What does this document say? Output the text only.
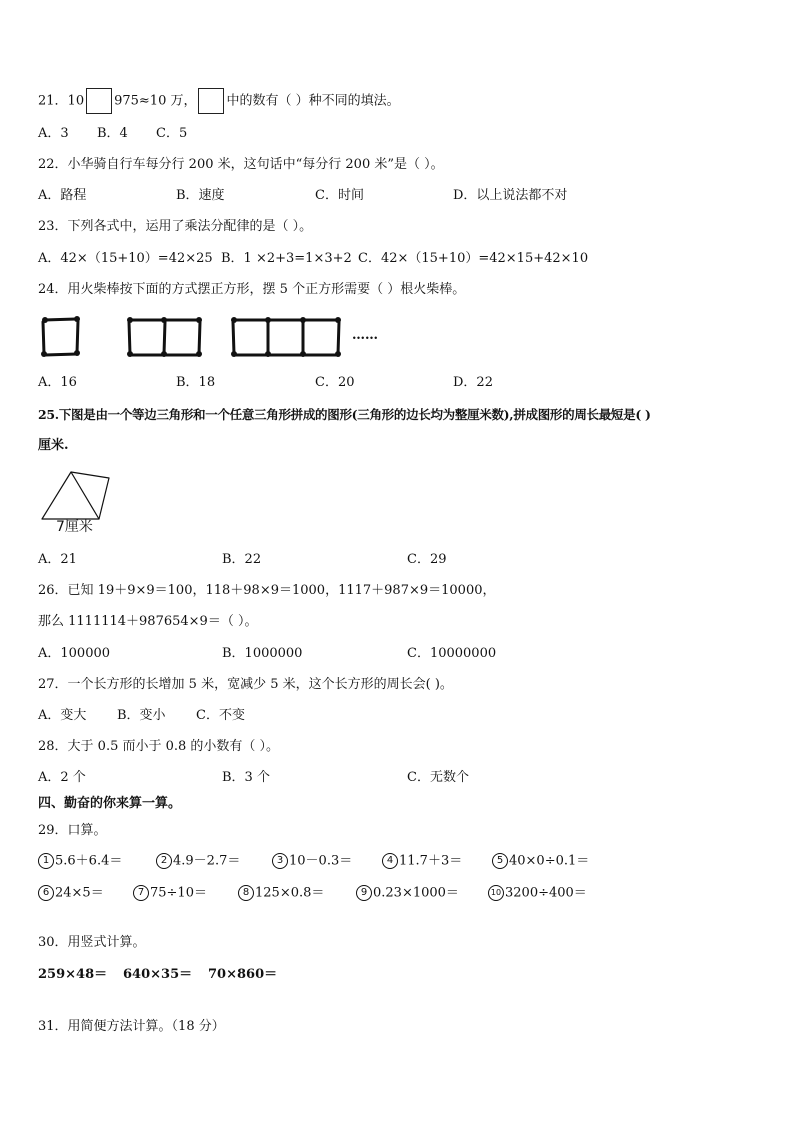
21．10 975≈10 万， 中的数有（ ）种不同的填法。
A．3 B．4 C．5
22．小华骑自行车每分行 200 米，这句话中“每分行 200 米”是（ ）。
A．路程	B．速度	C．时间	D．以上说法都不对
23．下列各式中，运用了乘法分配律的是（ ）。
A．42×（15+10）=42×25 B．1 ×2+3=1×3+2 C．42×（15+10）=42×15+42×10
24．用火柴棒按下面的方式摆正方形，摆 5 个正方形需要（ ）根火柴棒。
……
A．16	B．18	C．20	D．22
25.下图是由一个等边三角形和一个任意三角形拼成的图形(三角形的边长均为整厘米数),拼成图形的周长最短是( )
厘米.
7厘米
A．21	B．22	C．29
26．已知 19＋9×9＝100，118＋98×9＝1000，1117＋987×9＝10000，
那么 1111114＋987654×9＝（ ）。
A．100000	B．1000000	C．10000000
27．一个长方形的长增加 5 米，宽减少 5 米，这个长方形的周长会( )。
A．变大 B．变小 C．不变
28．大于 0.5 而小于 0.8 的小数有（ ）。
A．2 个	B．3 个	C．无数个
四、勤奋的你来算一算。
29．口算。
1 5.6＋6.4＝	2 4.9－2.7＝	3 10－0.3＝	4 11.7＋3＝	5 40×0÷0.1＝
6 24×5＝	7 75÷10＝	8 125×0.8＝	9 0.23×1000＝	10 3200÷400＝
30．用竖式计算。
259×48＝ 640×35＝ 70×860＝
31．用简便方法计算。（18 分）
